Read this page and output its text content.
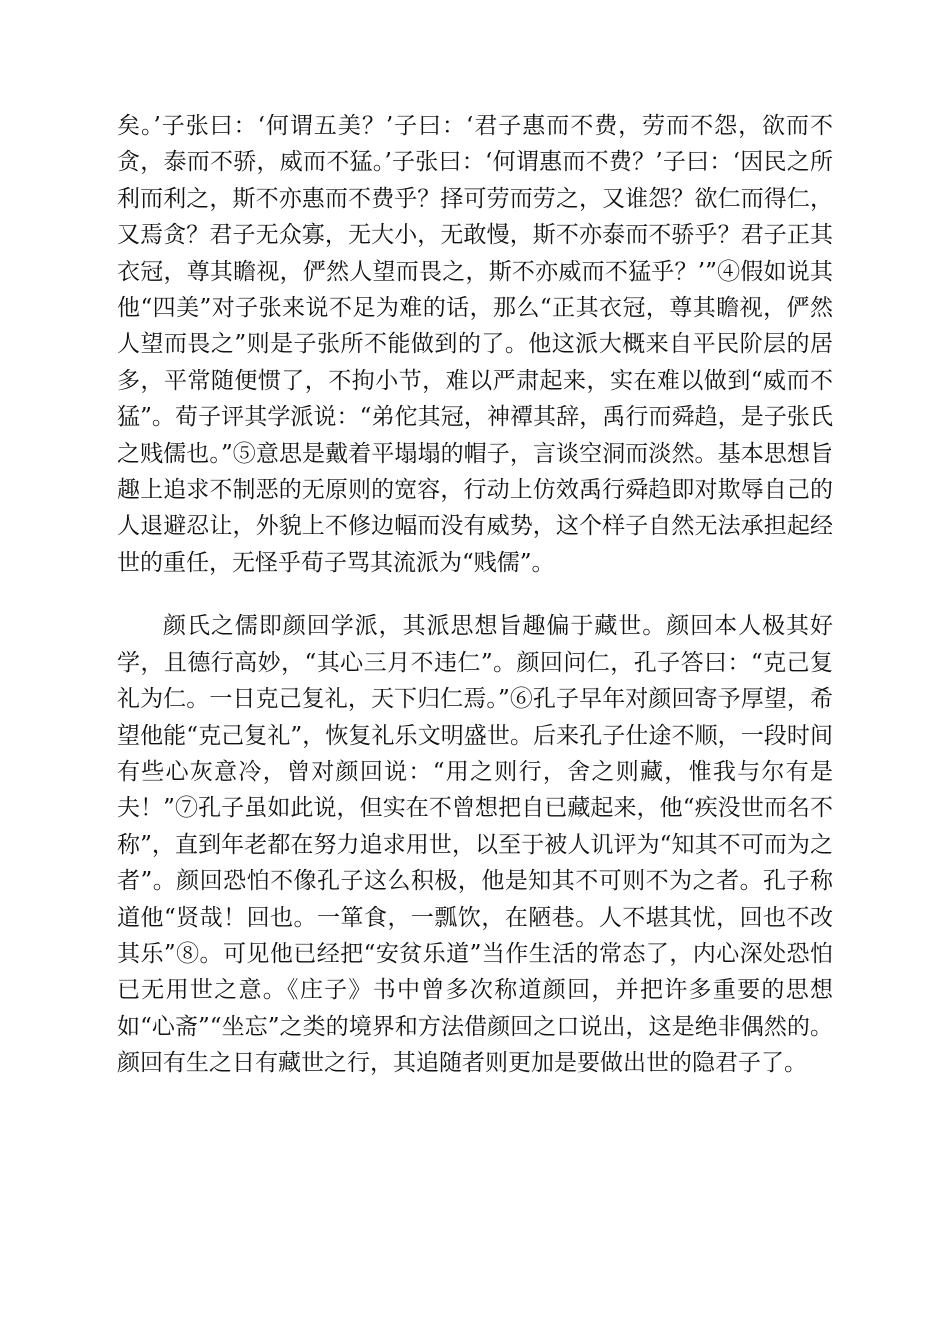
矣。’子张曰：‘何谓五美？’子曰：‘君子惠而不费，劳而不怨，欲而不贪，泰而不骄，威而不猛。’子张曰：‘何谓惠而不费？’子曰：‘因民之所利而利之，斯不亦惠而不费乎？择可劳而劳之，又谁怨？欲仁而得仁，又焉贪？君子无众寡，无大小，无敢慢，斯不亦泰而不骄乎？君子正其衣冠，尊其瞻视，俨然人望而畏之，斯不亦威而不猛乎？’”④假如说其他“四美”对子张来说不足为难的话，那么“正其衣冠，尊其瞻视，俨然人望而畏之”则是子张所不能做到的了。他这派大概来自平民阶层的居多，平常随便惯了，不拘小节，难以严肃起来，实在难以做到“威而不猛”。荀子评其学派说：“弟佗其冠，神禫其辞，禹行而舜趋，是子张氏之贱儒也。”⑤意思是戴着平塌塌的帽子，言谈空洞而淡然。基本思想旨趣上追求不制恶的无原则的宽容，行动上仿效禹行舜趋即对欺辱自己的人退避忍让，外貌上不修边幅而没有威势，这个样子自然无法承担起经世的重任，无怪乎荀子骂其流派为“贱儒”。

颜氏之儒即颜回学派，其派思想旨趣偏于藏世。颜回本人极其好学，且德行高妙，“其心三月不违仁”。颜回问仁，孔子答曰：“克己复礼为仁。一日克己复礼，天下归仁焉。”⑥孔子早年对颜回寄予厚望，希望他能“克己复礼”，恢复礼乐文明盛世。后来孔子仕途不顺，一段时间有些心灰意冷，曾对颜回说：“用之则行，舍之则藏，惟我与尔有是夫！”⑦孔子虽如此说，但实在不曾想把自已藏起来，他“疾没世而名不称”，直到年老都在努力追求用世，以至于被人讥评为“知其不可而为之者”。颜回恐怕不像孔子这么积极，他是知其不可则不为之者。孔子称道他“贤哉！回也。一箪食，一瓢饮，在陋巷。人不堪其忧，回也不改其乐”⑧。可见他已经把“安贫乐道”当作生活的常态了，内心深处恐怕已无用世之意。《庄子》书中曾多次称道颜回，并把许多重要的思想如“心斋”“坐忘”之类的境界和方法借颜回之口说出，这是绝非偶然的。颜回有生之日有藏世之行，其追随者则更加是要做出世的隐君子了。
